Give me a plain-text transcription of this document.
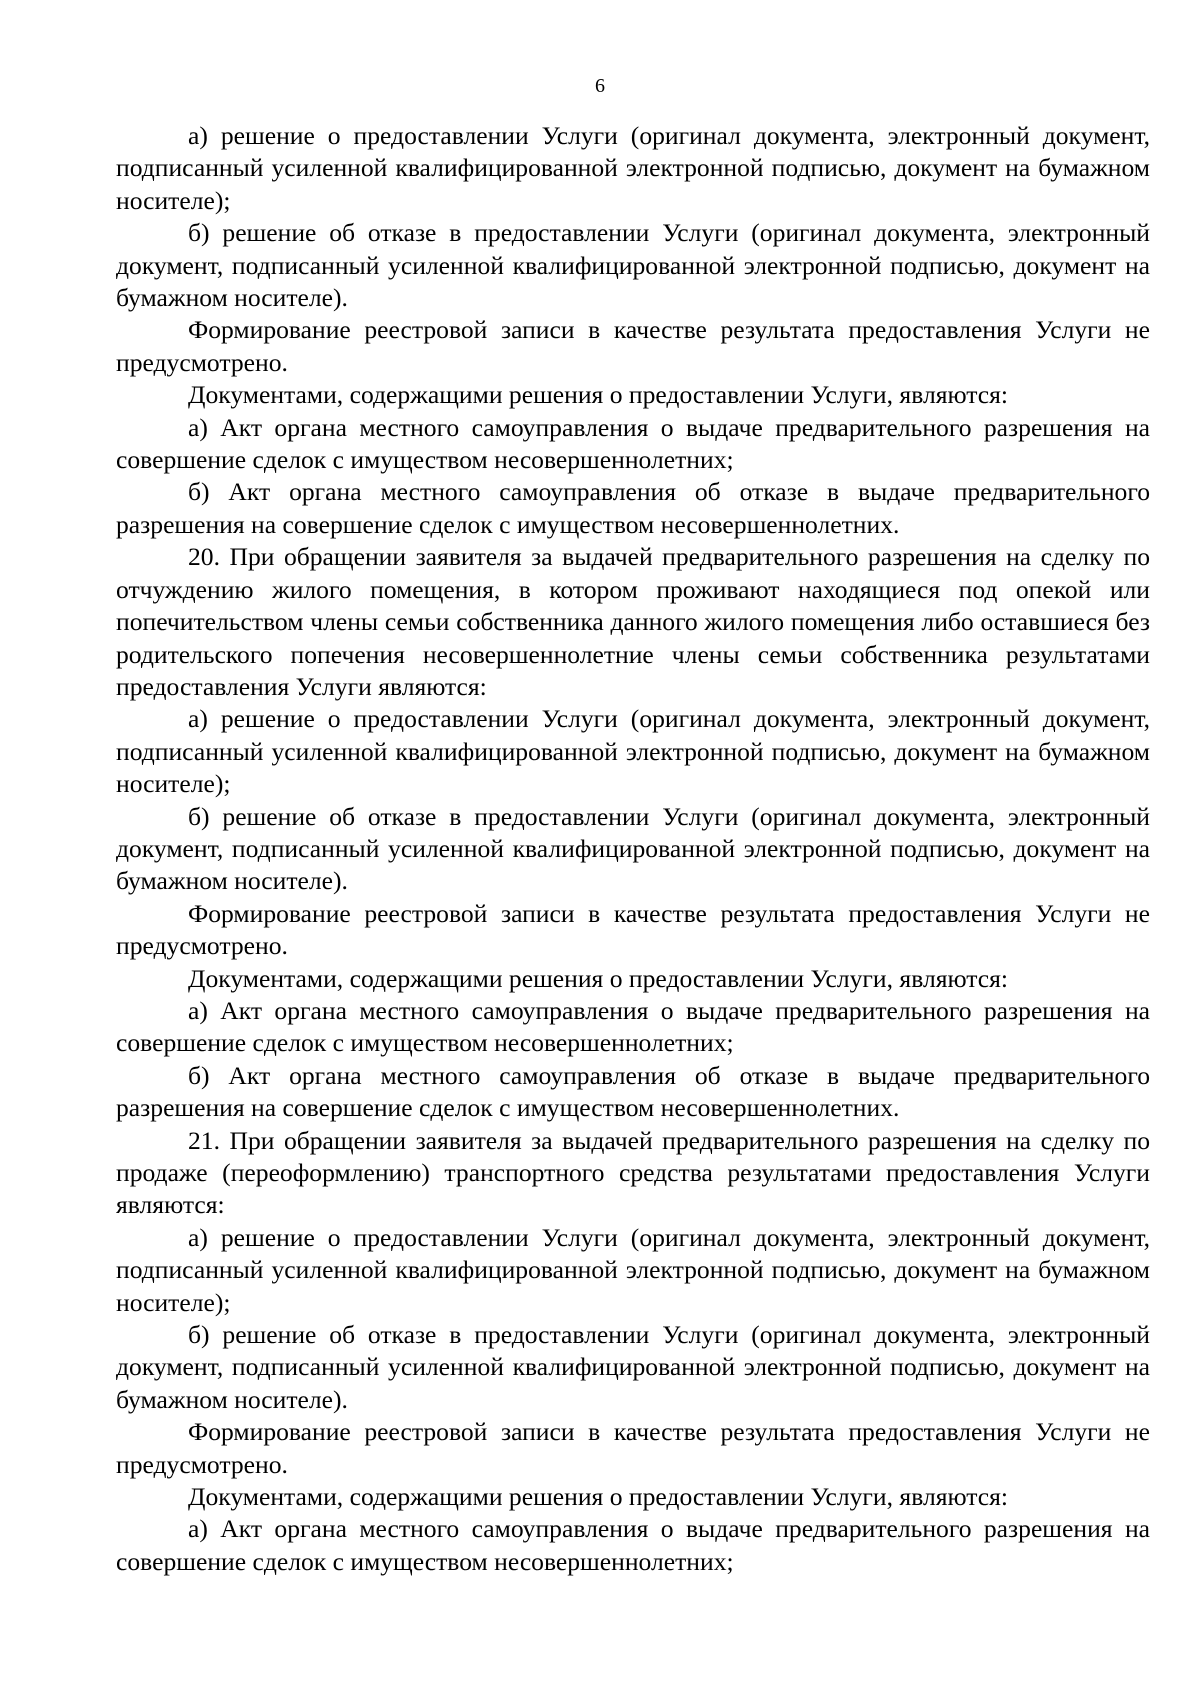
6

а) решение о предоставлении Услуги (оригинал документа, электронный документ, подписанный усиленной квалифицированной электронной подписью, документ на бумажном носителе);

б) решение об отказе в предоставлении Услуги (оригинал документа, электронный документ, подписанный усиленной квалифицированной электронной подписью, документ на бумажном носителе).

Формирование реестровой записи в качестве результата предоставления Услуги не предусмотрено.

Документами, содержащими решения о предоставлении Услуги, являются:

а) Акт органа местного самоуправления о выдаче предварительного разрешения на совершение сделок с имуществом несовершеннолетних;

б) Акт органа местного самоуправления об отказе в выдаче предварительного разрешения на совершение сделок с имуществом несовершеннолетних.

20. При обращении заявителя за выдачей предварительного разрешения на сделку по отчуждению жилого помещения, в котором проживают находящиеся под опекой или попечительством члены семьи собственника данного жилого помещения либо оставшиеся без родительского попечения несовершеннолетние члены семьи собственника результатами предоставления Услуги являются:

а) решение о предоставлении Услуги (оригинал документа, электронный документ, подписанный усиленной квалифицированной электронной подписью, документ на бумажном носителе);

б) решение об отказе в предоставлении Услуги (оригинал документа, электронный документ, подписанный усиленной квалифицированной электронной подписью, документ на бумажном носителе).

Формирование реестровой записи в качестве результата предоставления Услуги не предусмотрено.

Документами, содержащими решения о предоставлении Услуги, являются:

а) Акт органа местного самоуправления о выдаче предварительного разрешения на совершение сделок с имуществом несовершеннолетних;

б) Акт органа местного самоуправления об отказе в выдаче предварительного разрешения на совершение сделок с имуществом несовершеннолетних.

21. При обращении заявителя за выдачей предварительного разрешения на сделку по продаже (переоформлению) транспортного средства результатами предоставления Услуги являются:

а) решение о предоставлении Услуги (оригинал документа, электронный документ, подписанный усиленной квалифицированной электронной подписью, документ на бумажном носителе);

б) решение об отказе в предоставлении Услуги (оригинал документа, электронный документ, подписанный усиленной квалифицированной электронной подписью, документ на бумажном носителе).

Формирование реестровой записи в качестве результата предоставления Услуги не предусмотрено.

Документами, содержащими решения о предоставлении Услуги, являются:

а) Акт органа местного самоуправления о выдаче предварительного разрешения на совершение сделок с имуществом несовершеннолетних;
